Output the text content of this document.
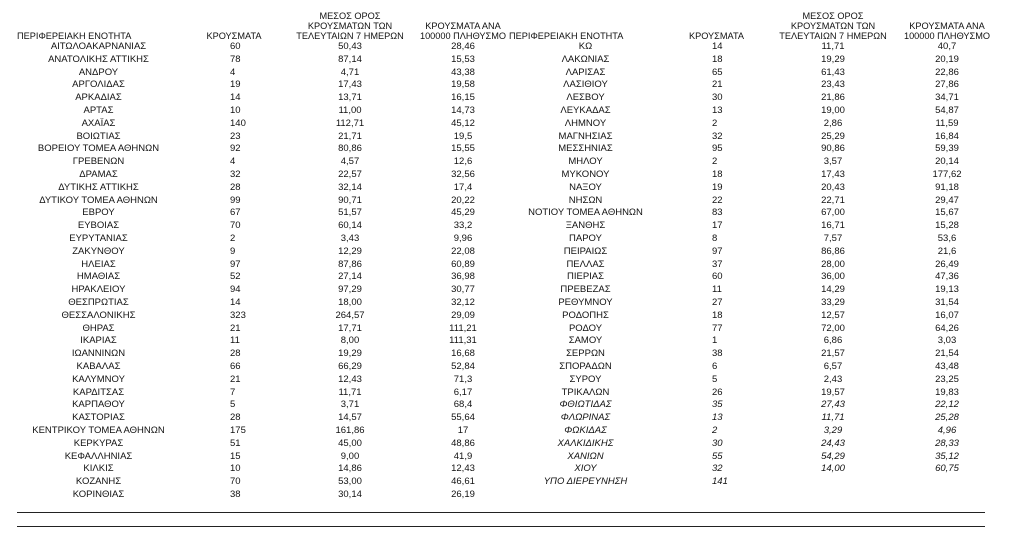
ΠΕΡΙΦΕΡΕΙΑΚΗ ΕΝΟΤΗΤΑ	ΚΡΟΥΣΜΑΤΑ	ΜΕΣΟΣ ΟΡΟΣ ΚΡΟΥΣΜΑΤΩΝ ΤΩΝ ΤΕΛΕΥΤΑΙΩΝ 7 ΗΜΕΡΩΝ	ΚΡΟΥΣΜΑΤΑ ΑΝΑ 100000 ΠΛΗΘΥΣΜΟ
ΑΙΤΩΛΟΑΚΑΡΝΑΝΙΑΣ	60	50,43	28,46
ΑΝΑΤΟΛΙΚΗΣ ΑΤΤΙΚΗΣ	78	87,14	15,53
ΑΝΔΡΟΥ	4	4,71	43,38
ΑΡΓΟΛΙΔΑΣ	19	17,43	19,58
ΑΡΚΑΔΙΑΣ	14	13,71	16,15
ΑΡΤΑΣ	10	11,00	14,73
ΑΧΑΪΑΣ	140	112,71	45,12
ΒΟΙΩΤΙΑΣ	23	21,71	19,5
ΒΟΡΕΙΟΥ ΤΟΜΕΑ ΑΘΗΝΩΝ	92	80,86	15,55
ΓΡΕΒΕΝΩΝ	4	4,57	12,6
ΔΡΑΜΑΣ	32	22,57	32,56
ΔΥΤΙΚΗΣ ΑΤΤΙΚΗΣ	28	32,14	17,4
ΔΥΤΙΚΟΥ ΤΟΜΕΑ ΑΘΗΝΩΝ	99	90,71	20,22
ΕΒΡΟΥ	67	51,57	45,29
ΕΥΒΟΙΑΣ	70	60,14	33,2
ΕΥΡΥΤΑΝΙΑΣ	2	3,43	9,96
ΖΑΚΥΝΘΟΥ	9	12,29	22,08
ΗΛΕΙΑΣ	97	87,86	60,89
ΗΜΑΘΙΑΣ	52	27,14	36,98
ΗΡΑΚΛΕΙΟΥ	94	97,29	30,77
ΘΕΣΠΡΩΤΙΑΣ	14	18,00	32,12
ΘΕΣΣΑΛΟΝΙΚΗΣ	323	264,57	29,09
ΘΗΡΑΣ	21	17,71	111,21
ΙΚΑΡΙΑΣ	11	8,00	111,31
ΙΩΑΝΝΙΝΩΝ	28	19,29	16,68
ΚΑΒΑΛΑΣ	66	66,29	52,84
ΚΑΛΥΜΝΟΥ	21	12,43	71,3
ΚΑΡΔΙΤΣΑΣ	7	11,71	6,17
ΚΑΡΠΑΘΟΥ	5	3,71	68,4
ΚΑΣΤΟΡΙΑΣ	28	14,57	55,64
ΚΕΝΤΡΙΚΟΥ ΤΟΜΕΑ ΑΘΗΝΩΝ	175	161,86	17
ΚΕΡΚΥΡΑΣ	51	45,00	48,86
ΚΕΦΑΛΛΗΝΙΑΣ	15	9,00	41,9
ΚΙΛΚΙΣ	10	14,86	12,43
ΚΟΖΑΝΗΣ	70	53,00	46,61
ΚΟΡΙΝΘΙΑΣ	38	30,14	26,19
ΠΕΡΙΦΕΡΕΙΑΚΗ ΕΝΟΤΗΤΑ	ΚΡΟΥΣΜΑΤΑ	ΜΕΣΟΣ ΟΡΟΣ ΚΡΟΥΣΜΑΤΩΝ ΤΩΝ ΤΕΛΕΥΤΑΙΩΝ 7 ΗΜΕΡΩΝ	ΚΡΟΥΣΜΑΤΑ ΑΝΑ 100000 ΠΛΗΘΥΣΜΟ
ΚΩ	14	11,71	40,7
ΛΑΚΩΝΙΑΣ	18	19,29	20,19
ΛΑΡΙΣΑΣ	65	61,43	22,86
ΛΑΣΙΘΙΟΥ	21	23,43	27,86
ΛΕΣΒΟΥ	30	21,86	34,71
ΛΕΥΚΑΔΑΣ	13	19,00	54,87
ΛΗΜΝΟΥ	2	2,86	11,59
ΜΑΓΝΗΣΙΑΣ	32	25,29	16,84
ΜΕΣΣΗΝΙΑΣ	95	90,86	59,39
ΜΗΛΟΥ	2	3,57	20,14
ΜΥΚΟΝΟΥ	18	17,43	177,62
ΝΑΞΟΥ	19	20,43	91,18
ΝΗΣΩΝ	22	22,71	29,47
ΝΟΤΙΟΥ ΤΟΜΕΑ ΑΘΗΝΩΝ	83	67,00	15,67
ΞΑΝΘΗΣ	17	16,71	15,28
ΠΑΡΟΥ	8	7,57	53,6
ΠΕΙΡΑΙΩΣ	97	86,86	21,6
ΠΕΛΛΑΣ	37	28,00	26,49
ΠΙΕΡΙΑΣ	60	36,00	47,36
ΠΡΕΒΕΖΑΣ	11	14,29	19,13
ΡΕΘΥΜΝΟΥ	27	33,29	31,54
ΡΟΔΟΠΗΣ	18	12,57	16,07
ΡΟΔΟΥ	77	72,00	64,26
ΣΑΜΟΥ	1	6,86	3,03
ΣΕΡΡΩΝ	38	21,57	21,54
ΣΠΟΡΑΔΩΝ	6	6,57	43,48
ΣΥΡΟΥ	5	2,43	23,25
ΤΡΙΚΑΛΩΝ	26	19,57	19,83
ΦΘΙΩΤΙΔΑΣ	35	27,43	22,12
ΦΛΩΡΙΝΑΣ	13	11,71	25,28
ΦΩΚΙΔΑΣ	2	3,29	4,96
ΧΑΛΚΙΔΙΚΗΣ	30	24,43	28,33
ΧΑΝΙΩΝ	55	54,29	35,12
ΧΙΟΥ	32	14,00	60,75
ΥΠΟ ΔΙΕΡΕΥΝΗΣΗ	141		
